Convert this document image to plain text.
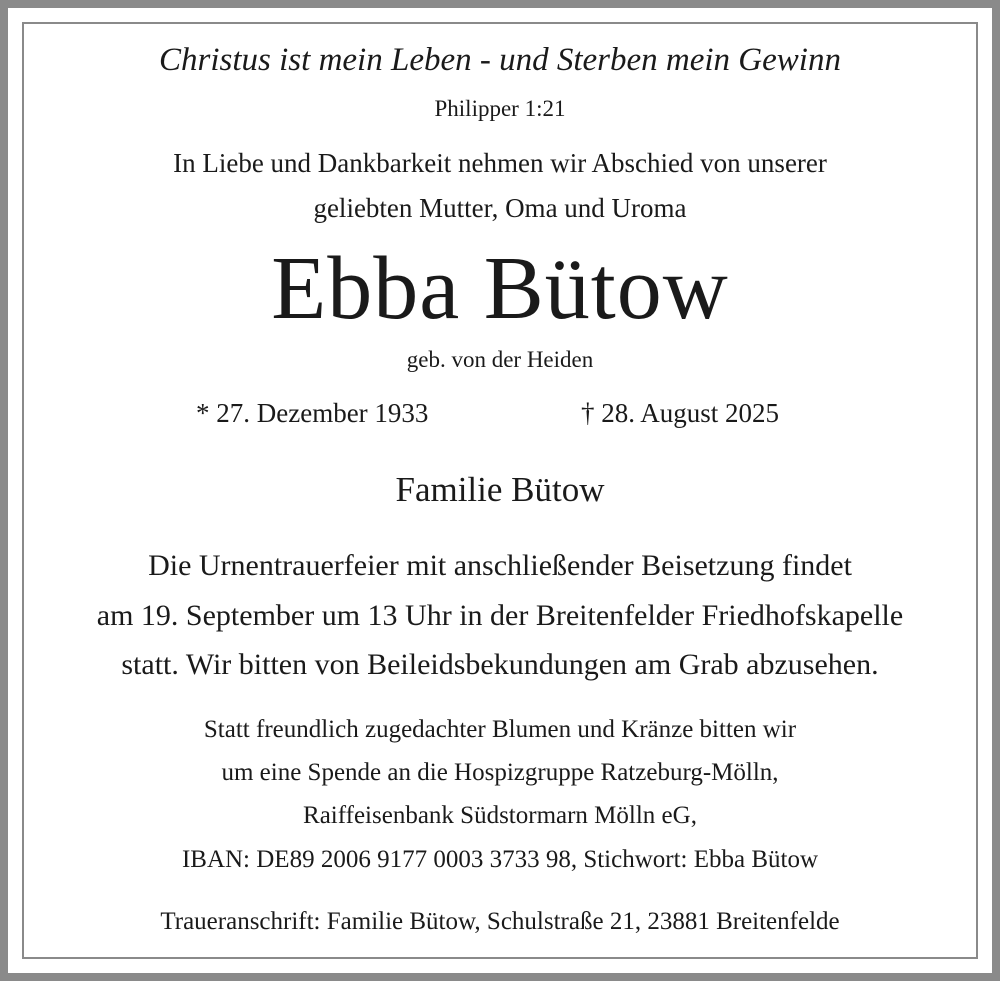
Christus ist mein Leben - und Sterben mein Gewinn
Philipper 1:21
In Liebe und Dankbarkeit nehmen wir Abschied von unserer
geliebten Mutter, Oma und Uroma
Ebba Bütow
geb. von der Heiden
* 27. Dezember 1933	† 28. August 2025
Familie Bütow
Die Urnentrauerfeier mit anschließender Beisetzung findet
am 19. September um 13 Uhr in der Breitenfelder Friedhofskapelle
statt. Wir bitten von Beileidsbekundungen am Grab abzusehen.
Statt freundlich zugedachter Blumen und Kränze bitten wir
um eine Spende an die Hospizgruppe Ratzeburg-Mölln,
Raiffeisenbank Südstormarn Mölln eG,
IBAN: DE89 2006 9177 0003 3733 98, Stichwort: Ebba Bütow
Traueranschrift: Familie Bütow, Schulstraße 21, 23881 Breitenfelde
